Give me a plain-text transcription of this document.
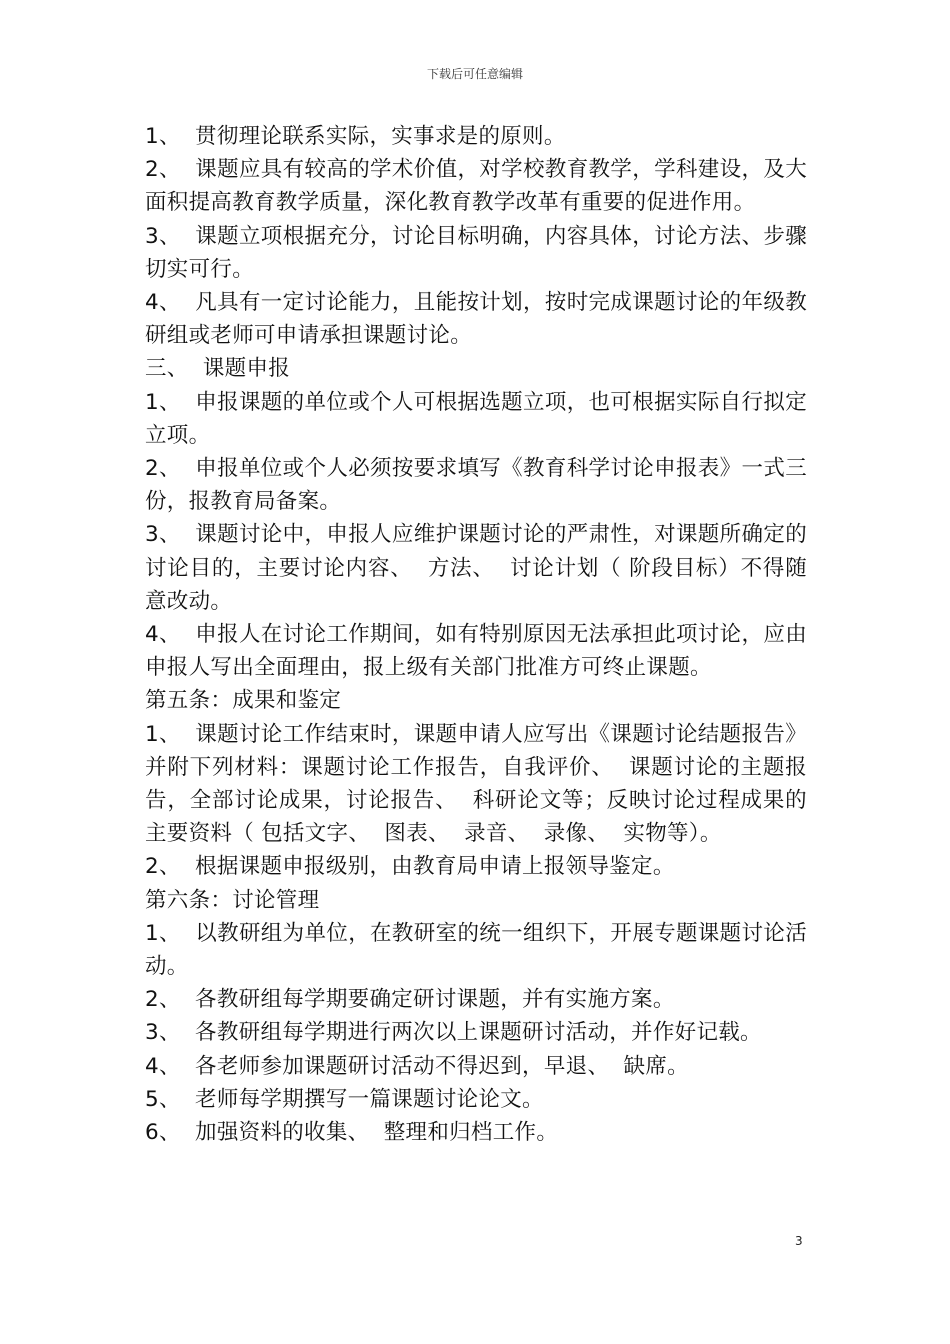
下载后可任意编辑

1、  贯彻理论联系实际，实事求是的原则。

2、  课题应具有较高的学术价值，对学校教育教学，学科建设，及大面积提高教育教学质量，深化教育教学改革有重要的促进作用。

3、  课题立项根据充分，讨论目标明确，内容具体，讨论方法、步骤切实可行。

4、  凡具有一定讨论能力，且能按计划，按时完成课题讨论的年级教研组或老师可申请承担课题讨论。

三、  课题申报

1、  申报课题的单位或个人可根据选题立项，也可根据实际自行拟定立项。

2、  申报单位或个人必须按要求填写《教育科学讨论申报表》一式三份，报教育局备案。

3、  课题讨论中，申报人应维护课题讨论的严肃性，对课题所确定的讨论目的，主要讨论内容、  方法、  讨论计划（ 阶段目标）不得随意改动。

4、  申报人在讨论工作期间，如有特别原因无法承担此项讨论，应由申报人写出全面理由，报上级有关部门批准方可终止课题。

第五条：成果和鉴定

1、  课题讨论工作结束时，课题申请人应写出《课题讨论结题报告》并附下列材料：课题讨论工作报告，自我评价、  课题讨论的主题报告，全部讨论成果，讨论报告、  科研论文等；反映讨论过程成果的主要资料（ 包括文字、  图表、  录音、  录像、  实物等）。

2、  根据课题申报级别，由教育局申请上报领导鉴定。

第六条：讨论管理

1、  以教研组为单位，在教研室的统一组织下，开展专题课题讨论活动。

2、  各教研组每学期要确定研讨课题，并有实施方案。

3、  各教研组每学期进行两次以上课题研讨活动，并作好记载。

4、  各老师参加课题研讨活动不得迟到，早退、  缺席。

5、  老师每学期撰写一篇课题讨论论文。

6、  加强资料的收集、  整理和归档工作。

3
